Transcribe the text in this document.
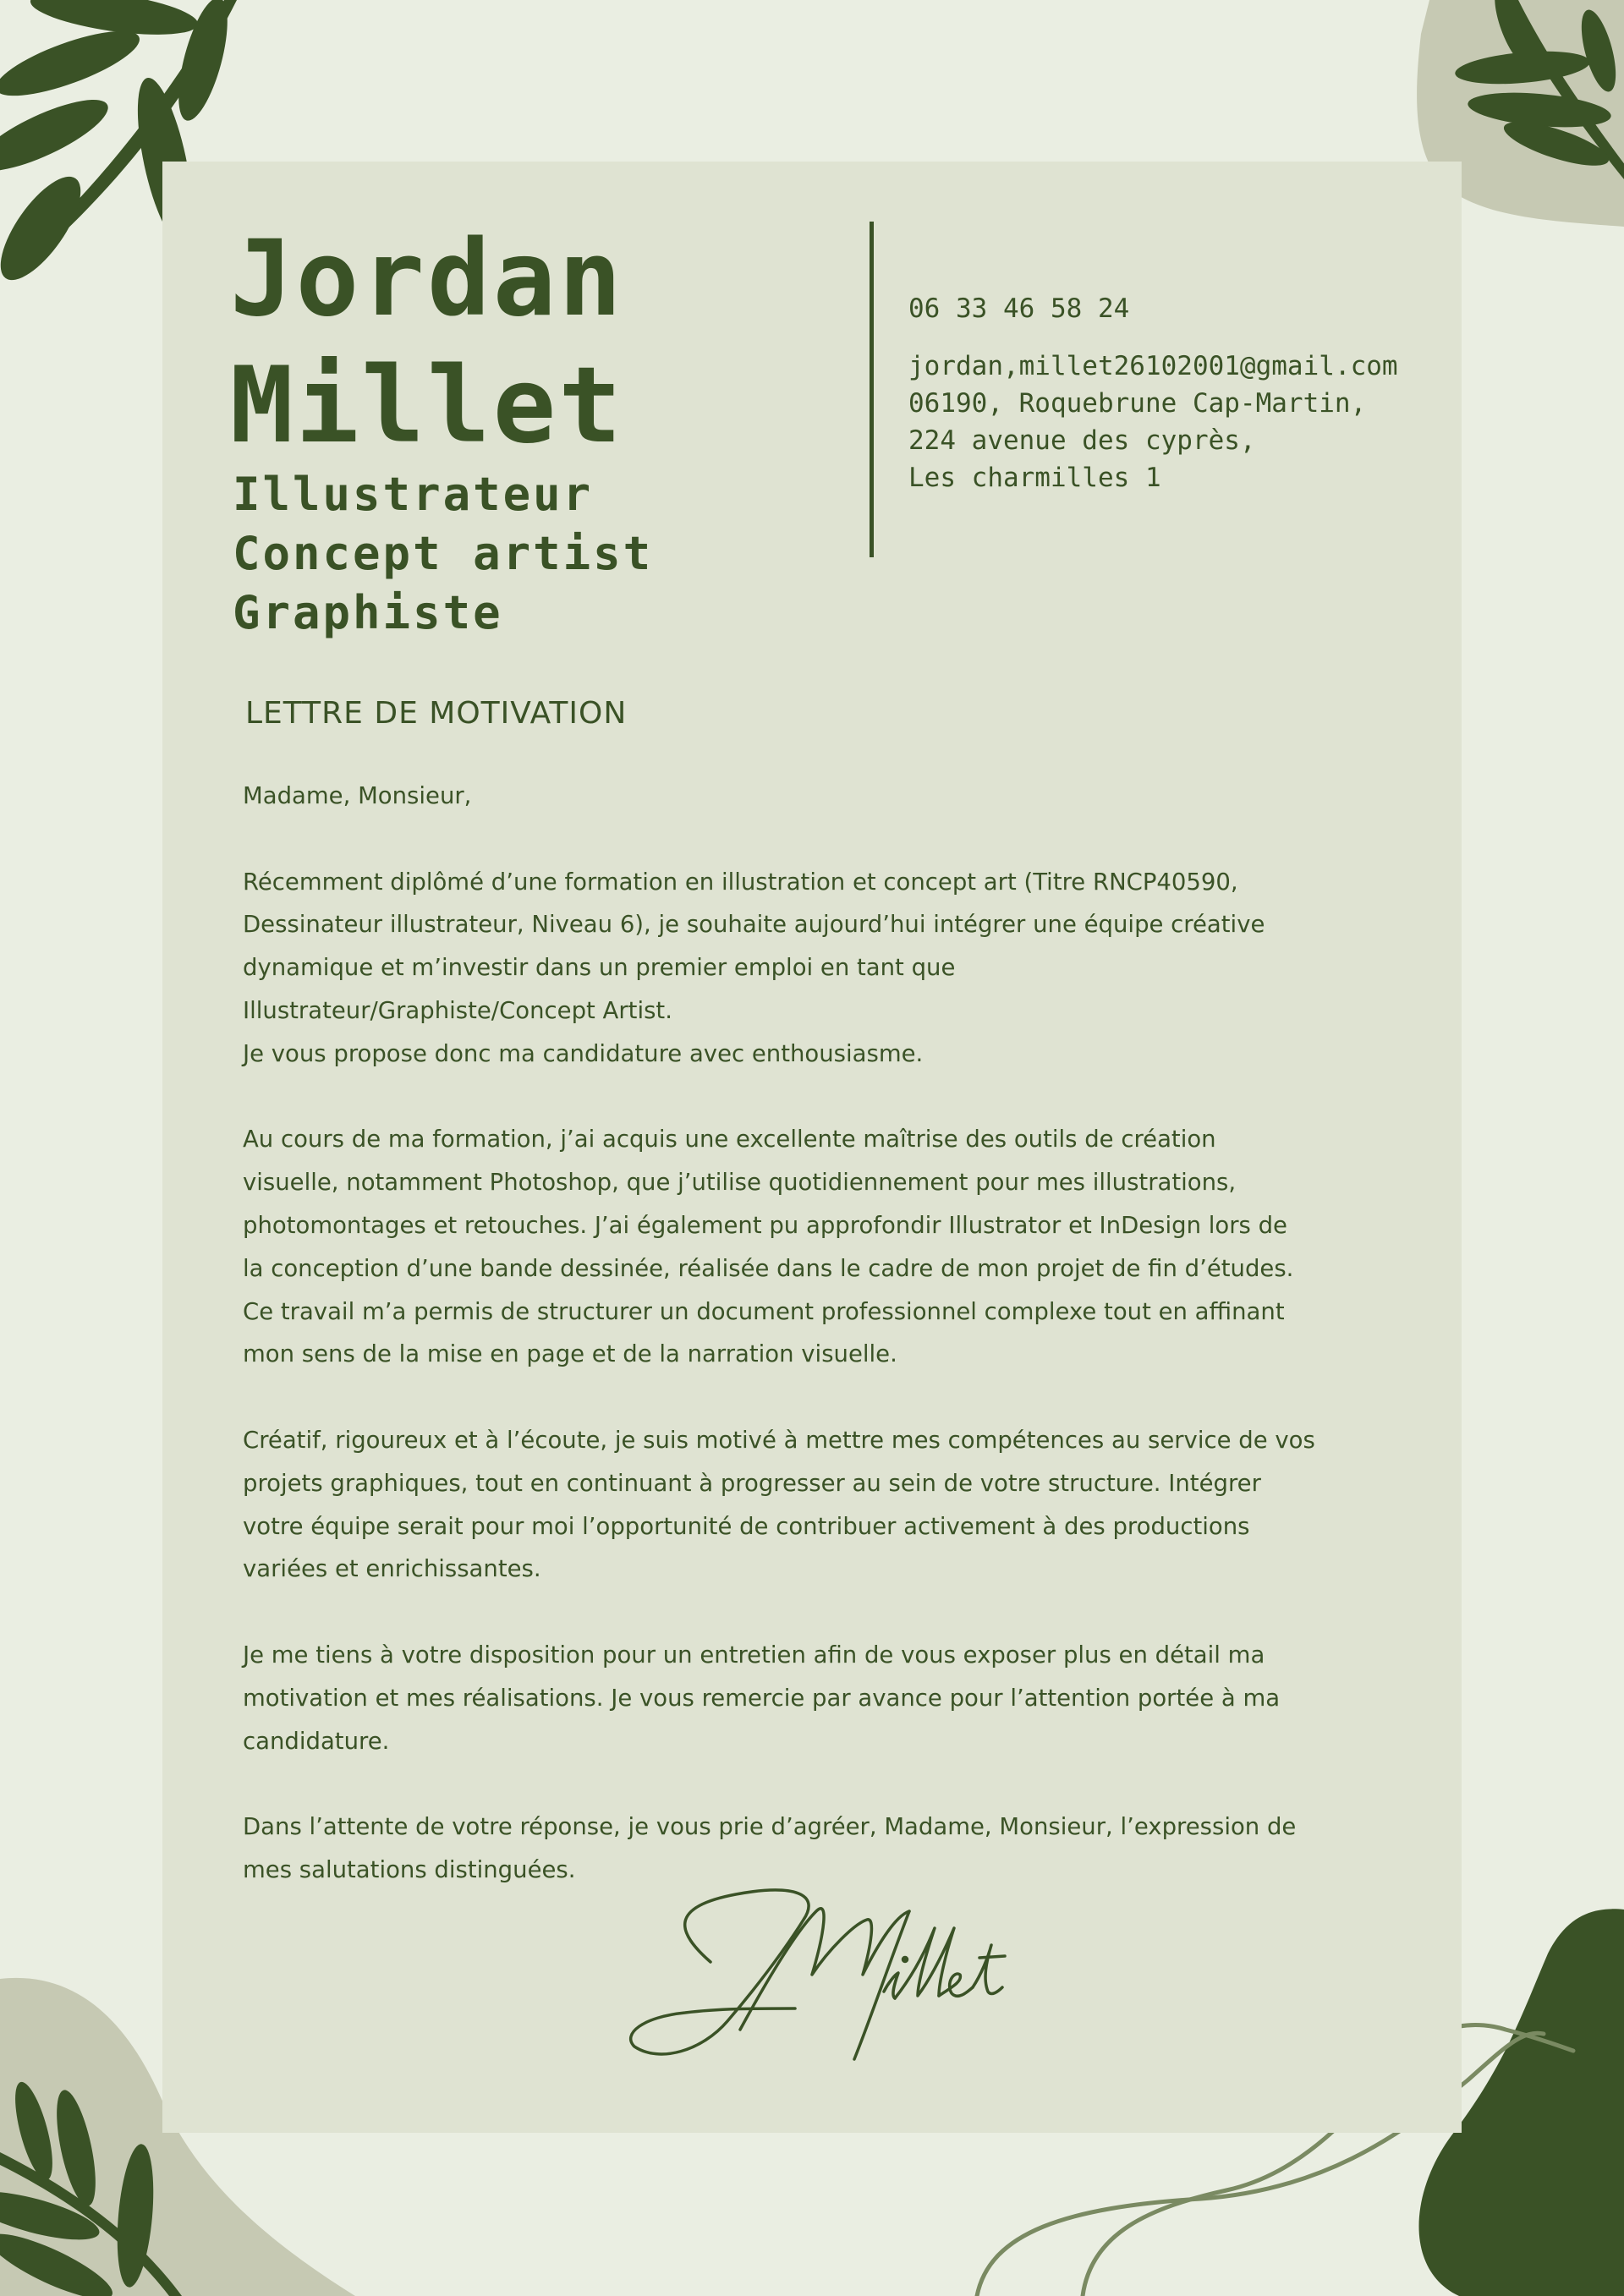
Jordan
Millet
Illustrateur
Concept artist
Graphiste
06 33 46 58 24
jordan,millet26102001@gmail.com
06190, Roquebrune Cap-Martin,
224 avenue des cyprès,
Les charmilles 1
LETTRE DE MOTIVATION

Madame, Monsieur,

Récemment diplômé d’une formation en illustration et concept art (Titre RNCP40590,
Dessinateur illustrateur, Niveau 6), je souhaite aujourd’hui intégrer une équipe créative
dynamique et m’investir dans un premier emploi en tant que
Illustrateur/Graphiste/Concept Artist.
Je vous propose donc ma candidature avec enthousiasme.

Au cours de ma formation, j’ai acquis une excellente maîtrise des outils de création
visuelle, notamment Photoshop, que j’utilise quotidiennement pour mes illustrations,
photomontages et retouches. J’ai également pu approfondir Illustrator et InDesign lors de
la conception d’une bande dessinée, réalisée dans le cadre de mon projet de fin d’études.
Ce travail m’a permis de structurer un document professionnel complexe tout en affinant
mon sens de la mise en page et de la narration visuelle.

Créatif, rigoureux et à l’écoute, je suis motivé à mettre mes compétences au service de vos
projets graphiques, tout en continuant à progresser au sein de votre structure. Intégrer
votre équipe serait pour moi l’opportunité de contribuer activement à des productions
variées et enrichissantes.

Je me tiens à votre disposition pour un entretien afin de vous exposer plus en détail ma
motivation et mes réalisations. Je vous remercie par avance pour l’attention portée à ma
candidature.

Dans l’attente de votre réponse, je vous prie d’agréer, Madame, Monsieur, l’expression de
mes salutations distinguées.
